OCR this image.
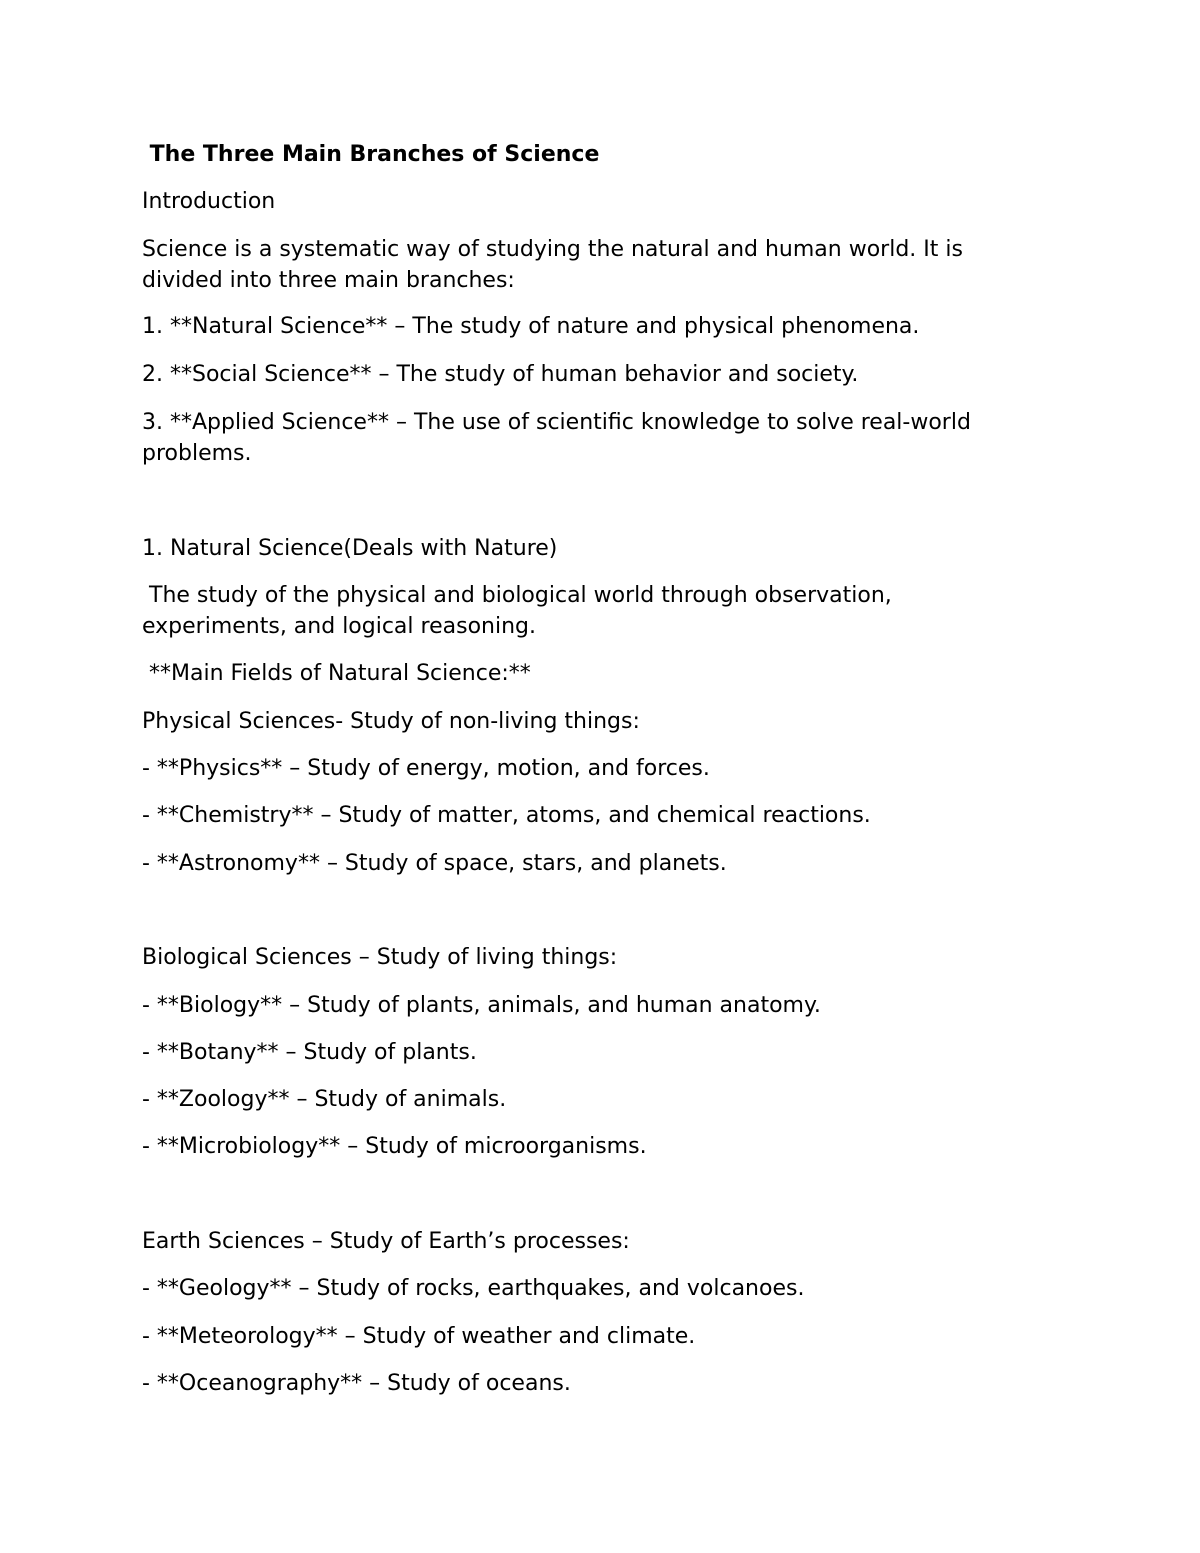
The Three Main Branches of Science

Introduction

Science is a systematic way of studying the natural and human world. It is divided into three main branches:

1. **Natural Science** – The study of nature and physical phenomena.

2. **Social Science** – The study of human behavior and society.

3. **Applied Science** – The use of scientific knowledge to solve real-world problems.

1. Natural Science(Deals with Nature)

The study of the physical and biological world through observation, experiments, and logical reasoning.

**Main Fields of Natural Science:**

Physical Sciences- Study of non-living things:

- **Physics** – Study of energy, motion, and forces.

- **Chemistry** – Study of matter, atoms, and chemical reactions.

- **Astronomy** – Study of space, stars, and planets.

Biological Sciences – Study of living things:

- **Biology** – Study of plants, animals, and human anatomy.

- **Botany** – Study of plants.

- **Zoology** – Study of animals.

- **Microbiology** – Study of microorganisms.

Earth Sciences – Study of Earth’s processes:

- **Geology** – Study of rocks, earthquakes, and volcanoes.

- **Meteorology** – Study of weather and climate.

- **Oceanography** – Study of oceans.
